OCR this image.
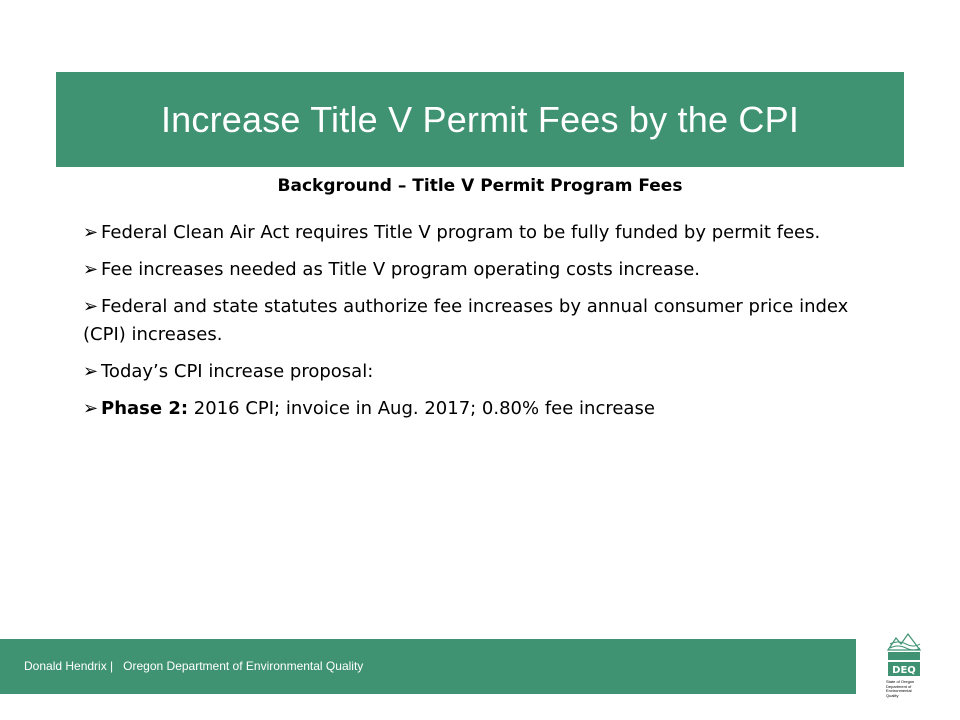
Increase Title V Permit Fees by the CPI
Background – Title V Permit Program Fees
➢ Federal Clean Air Act requires Title V program to be fully funded by permit fees.
➢ Fee increases needed as Title V program operating costs increase.
➢ Federal and state statutes authorize fee increases by annual consumer price index (CPI) increases.
➢ Today’s CPI increase proposal:
➢ Phase 2: 2016 CPI; invoice in Aug. 2017; 0.80% fee increase
Donald Hendrix |   Oregon Department of Environmental Quality	DEQ
State of Oregon
Department of
Environmental
Quality
